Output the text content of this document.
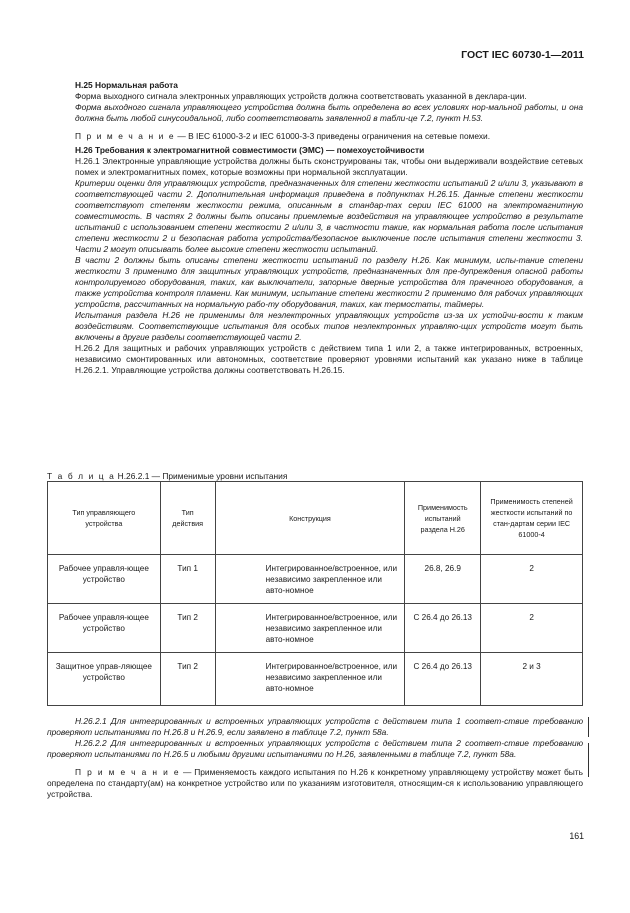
ГОСТ IEC 60730-1—2011

H.25 Нормальная работа

Форма выходного сигнала электронных управляющих устройств должна соответствовать указанной в деклара-ции.

Форма выходного сигнала управляющего устройства должна быть определена во всех условиях нор-мальной работы, и она должна быть любой синусоидальной, либо соответствовать заявленной в табли-це 7.2, пункт H.53.

П р и м е ч а н и е — В IEC 61000-3-2 и IEC 61000-3-3 приведены ограничения на сетевые помехи.

H.26 Требования к электромагнитной совместимости (ЭМС) — помехоустойчивости

H.26.1 Электронные управляющие устройства должны быть сконструированы так, чтобы они выдерживали воздействие сетевых помех и электромагнитных помех, которые возможны при нормальной эксплуатации.

Критерии оценки для управляющих устройств, предназначенных для степени жесткости испытаний 2 и/или 3, указывают в соответствующей части 2. Дополнительная информация приведена в подпунктах H.26.15. Данные степени жесткости соответствуют степеням жесткости режима, описанным в стандар-тах серии IEC 61000 на электромагнитную совместимость. В частях 2 должны быть описаны приемлемые воздействия на управляющее устройство в результате испытаний с использованием степени жесткости 2 и/или 3, в частности такие, как нормальная работа после испытания степени жесткости 2 и безопасная работа устройства/безопасное выключение после испытания степени жесткости 3. Части 2 могут описывать более высокие степени жесткости испытаний.

В части 2 должны быть описаны степени жесткости испытаний по разделу H.26. Как минимум, испы-тание степени жесткости 3 применимо для защитных управляющих устройств, предназначенных для пре-дупреждения опасной работы контролируемого оборудования, таких, как выключатели, запорные дверные устройства для прачечного оборудования, а также устройства контроля пламени. Как минимум, испытание степени жесткости 2 применимо для рабочих управляющих устройств, рассчитанных на нормальную рабо-ту оборудования, таких, как термостаты, таймеры.

Испытания раздела H.26 не применимы для неэлектронных управляющих устройств из-за их устойчи-вости к таким воздействиям. Соответствующие испытания для особых типов неэлектронных управляю-щих устройств могут быть включены в другие разделы соответствующей части 2.

H.26.2 Для защитных и рабочих управляющих устройств с действием типа 1 или 2, а также интегрированных, встроенных, независимо смонтированных или автономных, соответствие проверяют уровнями испытаний как указано ниже в таблице H.26.2.1. Управляющие устройства должны соответствовать H.26.15.

Т а б л и ц а H.26.2.1 — Применимые уровни испытания
Тип управляющего устройства	Тип действия	Конструкция	Применимость испытаний раздела H.26	Применимость степеней жесткости испытаний по стан-дартам серии IEC 61000-4
Рабочее управля-ющее устройство	Тип 1	Интегрированное/встроенное, или независимо закрепленное или авто-номное	26.8, 26.9	2
Рабочее управля-ющее устройство	Тип 2	Интегрированное/встроенное, или независимо закрепленное или авто-номное	С 26.4 до 26.13	2
Защитное управ-ляющее устройство	Тип 2	Интегрированное/встроенное, или независимо закрепленное или авто-номное	С 26.4 до 26.13	2 и 3

H.26.2.1 Для интегрированных и встроенных управляющих устройств с действием типа 1 соответ-ствие требованию проверяют испытаниями по H.26.8 и H.26.9, если заявлено в таблице 7.2, пункт 58a.

H.26.2.2 Для интегрированных и встроенных управляющих устройств с действием типа 2 соответ-ствие требованию проверяют испытаниями по H.26.5 и любыми другими испытаниями по H.26, заявленными в таблице 7.2, пункт 58a.

П р и м е ч а н и е — Применяемость каждого испытания по H.26 к конкретному управляющему устройству может быть определена по стандарту(ам) на конкретное устройство или по указаниям изготовителя, относящим-ся к использованию управляющего устройства.

161
